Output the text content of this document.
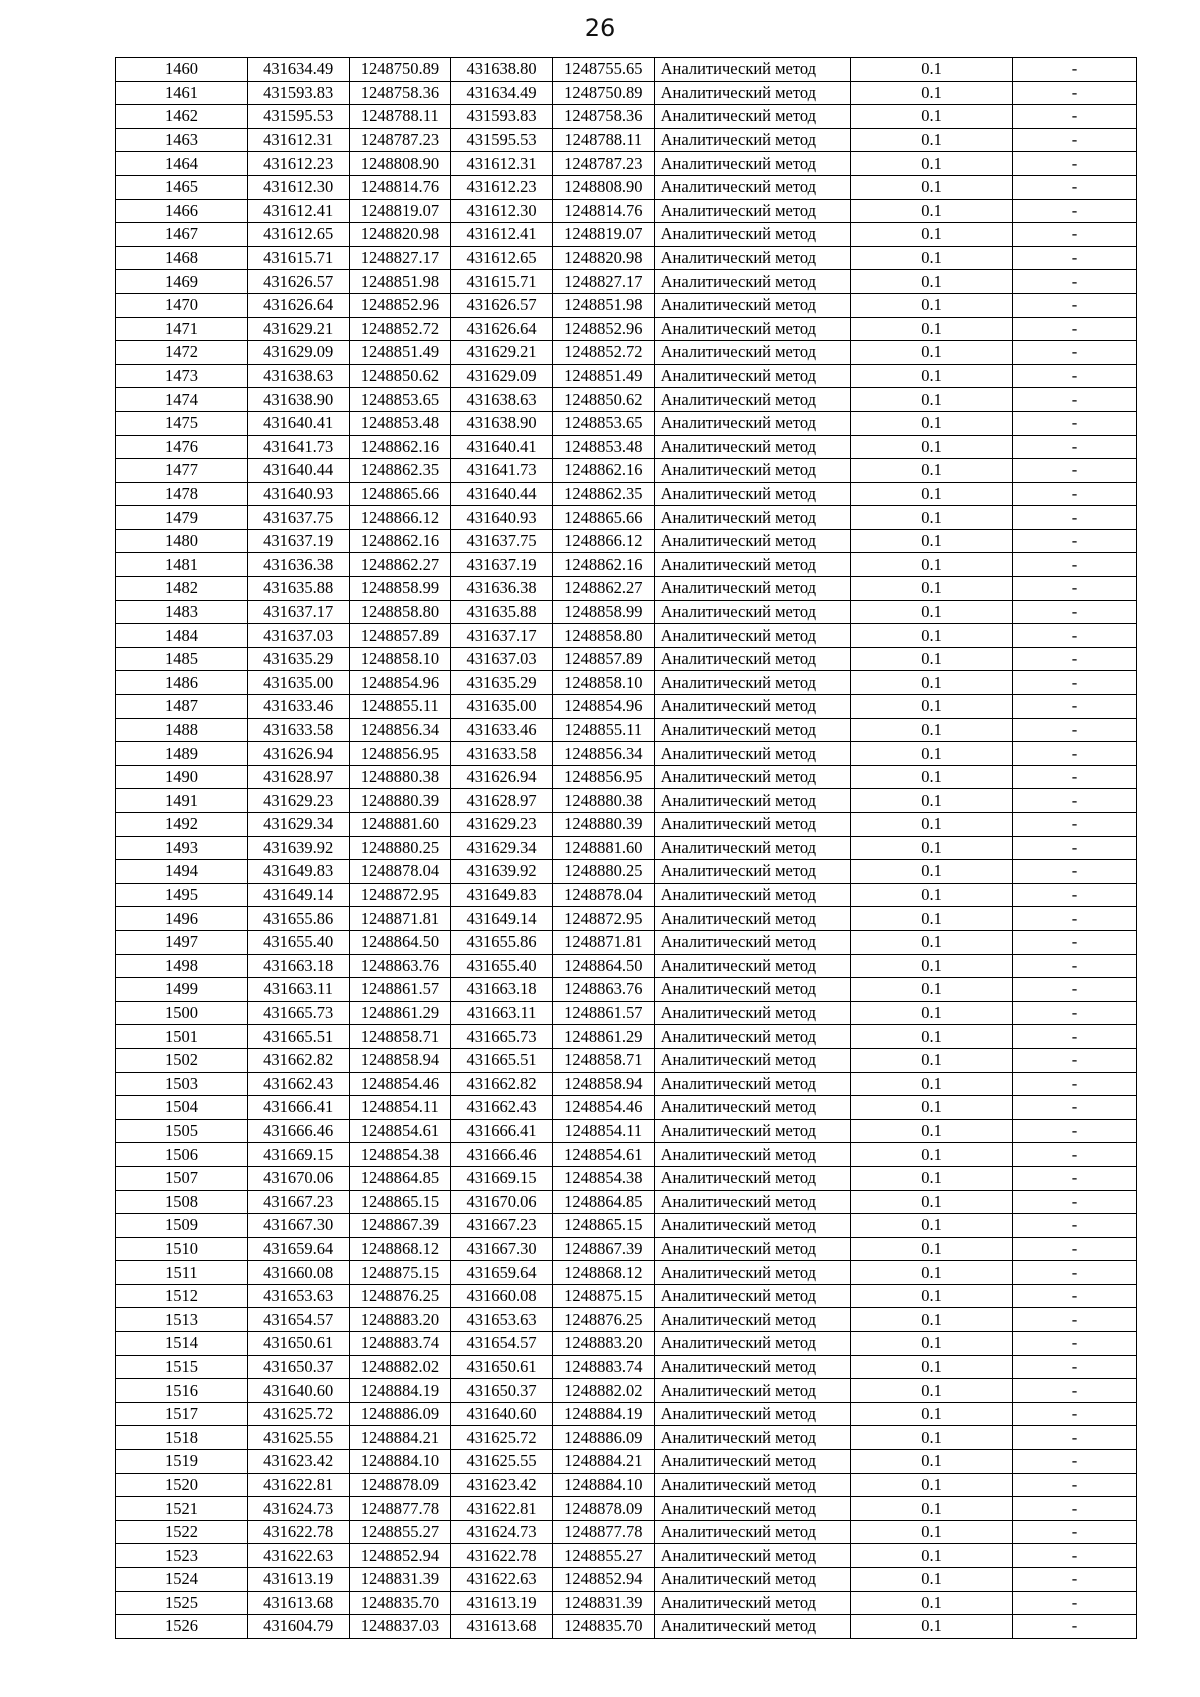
26
1460	431634.49	1248750.89	431638.80	1248755.65	Аналитический метод	0.1	-
1461	431593.83	1248758.36	431634.49	1248750.89	Аналитический метод	0.1	-
1462	431595.53	1248788.11	431593.83	1248758.36	Аналитический метод	0.1	-
1463	431612.31	1248787.23	431595.53	1248788.11	Аналитический метод	0.1	-
1464	431612.23	1248808.90	431612.31	1248787.23	Аналитический метод	0.1	-
1465	431612.30	1248814.76	431612.23	1248808.90	Аналитический метод	0.1	-
1466	431612.41	1248819.07	431612.30	1248814.76	Аналитический метод	0.1	-
1467	431612.65	1248820.98	431612.41	1248819.07	Аналитический метод	0.1	-
1468	431615.71	1248827.17	431612.65	1248820.98	Аналитический метод	0.1	-
1469	431626.57	1248851.98	431615.71	1248827.17	Аналитический метод	0.1	-
1470	431626.64	1248852.96	431626.57	1248851.98	Аналитический метод	0.1	-
1471	431629.21	1248852.72	431626.64	1248852.96	Аналитический метод	0.1	-
1472	431629.09	1248851.49	431629.21	1248852.72	Аналитический метод	0.1	-
1473	431638.63	1248850.62	431629.09	1248851.49	Аналитический метод	0.1	-
1474	431638.90	1248853.65	431638.63	1248850.62	Аналитический метод	0.1	-
1475	431640.41	1248853.48	431638.90	1248853.65	Аналитический метод	0.1	-
1476	431641.73	1248862.16	431640.41	1248853.48	Аналитический метод	0.1	-
1477	431640.44	1248862.35	431641.73	1248862.16	Аналитический метод	0.1	-
1478	431640.93	1248865.66	431640.44	1248862.35	Аналитический метод	0.1	-
1479	431637.75	1248866.12	431640.93	1248865.66	Аналитический метод	0.1	-
1480	431637.19	1248862.16	431637.75	1248866.12	Аналитический метод	0.1	-
1481	431636.38	1248862.27	431637.19	1248862.16	Аналитический метод	0.1	-
1482	431635.88	1248858.99	431636.38	1248862.27	Аналитический метод	0.1	-
1483	431637.17	1248858.80	431635.88	1248858.99	Аналитический метод	0.1	-
1484	431637.03	1248857.89	431637.17	1248858.80	Аналитический метод	0.1	-
1485	431635.29	1248858.10	431637.03	1248857.89	Аналитический метод	0.1	-
1486	431635.00	1248854.96	431635.29	1248858.10	Аналитический метод	0.1	-
1487	431633.46	1248855.11	431635.00	1248854.96	Аналитический метод	0.1	-
1488	431633.58	1248856.34	431633.46	1248855.11	Аналитический метод	0.1	-
1489	431626.94	1248856.95	431633.58	1248856.34	Аналитический метод	0.1	-
1490	431628.97	1248880.38	431626.94	1248856.95	Аналитический метод	0.1	-
1491	431629.23	1248880.39	431628.97	1248880.38	Аналитический метод	0.1	-
1492	431629.34	1248881.60	431629.23	1248880.39	Аналитический метод	0.1	-
1493	431639.92	1248880.25	431629.34	1248881.60	Аналитический метод	0.1	-
1494	431649.83	1248878.04	431639.92	1248880.25	Аналитический метод	0.1	-
1495	431649.14	1248872.95	431649.83	1248878.04	Аналитический метод	0.1	-
1496	431655.86	1248871.81	431649.14	1248872.95	Аналитический метод	0.1	-
1497	431655.40	1248864.50	431655.86	1248871.81	Аналитический метод	0.1	-
1498	431663.18	1248863.76	431655.40	1248864.50	Аналитический метод	0.1	-
1499	431663.11	1248861.57	431663.18	1248863.76	Аналитический метод	0.1	-
1500	431665.73	1248861.29	431663.11	1248861.57	Аналитический метод	0.1	-
1501	431665.51	1248858.71	431665.73	1248861.29	Аналитический метод	0.1	-
1502	431662.82	1248858.94	431665.51	1248858.71	Аналитический метод	0.1	-
1503	431662.43	1248854.46	431662.82	1248858.94	Аналитический метод	0.1	-
1504	431666.41	1248854.11	431662.43	1248854.46	Аналитический метод	0.1	-
1505	431666.46	1248854.61	431666.41	1248854.11	Аналитический метод	0.1	-
1506	431669.15	1248854.38	431666.46	1248854.61	Аналитический метод	0.1	-
1507	431670.06	1248864.85	431669.15	1248854.38	Аналитический метод	0.1	-
1508	431667.23	1248865.15	431670.06	1248864.85	Аналитический метод	0.1	-
1509	431667.30	1248867.39	431667.23	1248865.15	Аналитический метод	0.1	-
1510	431659.64	1248868.12	431667.30	1248867.39	Аналитический метод	0.1	-
1511	431660.08	1248875.15	431659.64	1248868.12	Аналитический метод	0.1	-
1512	431653.63	1248876.25	431660.08	1248875.15	Аналитический метод	0.1	-
1513	431654.57	1248883.20	431653.63	1248876.25	Аналитический метод	0.1	-
1514	431650.61	1248883.74	431654.57	1248883.20	Аналитический метод	0.1	-
1515	431650.37	1248882.02	431650.61	1248883.74	Аналитический метод	0.1	-
1516	431640.60	1248884.19	431650.37	1248882.02	Аналитический метод	0.1	-
1517	431625.72	1248886.09	431640.60	1248884.19	Аналитический метод	0.1	-
1518	431625.55	1248884.21	431625.72	1248886.09	Аналитический метод	0.1	-
1519	431623.42	1248884.10	431625.55	1248884.21	Аналитический метод	0.1	-
1520	431622.81	1248878.09	431623.42	1248884.10	Аналитический метод	0.1	-
1521	431624.73	1248877.78	431622.81	1248878.09	Аналитический метод	0.1	-
1522	431622.78	1248855.27	431624.73	1248877.78	Аналитический метод	0.1	-
1523	431622.63	1248852.94	431622.78	1248855.27	Аналитический метод	0.1	-
1524	431613.19	1248831.39	431622.63	1248852.94	Аналитический метод	0.1	-
1525	431613.68	1248835.70	431613.19	1248831.39	Аналитический метод	0.1	-
1526	431604.79	1248837.03	431613.68	1248835.70	Аналитический метод	0.1	-
